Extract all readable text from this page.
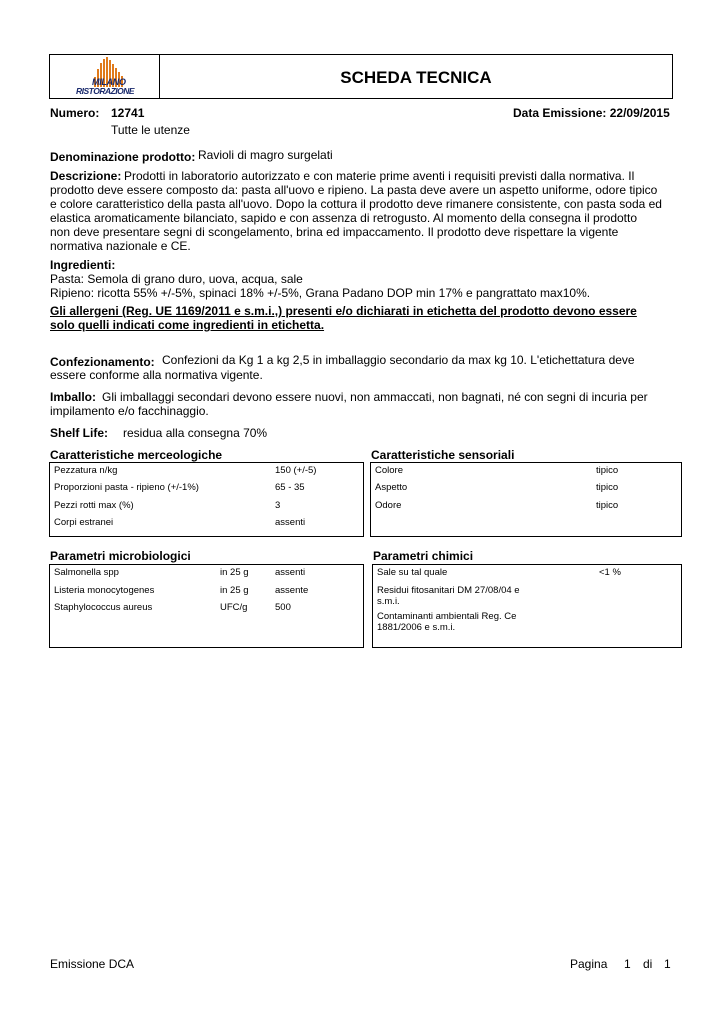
MILANO
RISTORAZIONE
SCHEDA TECNICA
Numero: 12741	Data Emissione: 22/09/2015
Tutte le utenze
Denominazione prodotto: Ravioli di magro surgelati
Descrizione: Prodotti in laboratorio autorizzato e con materie prime aventi i requisiti previsti dalla normativa. Il
prodotto deve essere composto da: pasta all'uovo e ripieno. La pasta deve avere un aspetto uniforme, odore tipico
e colore caratteristico della pasta all'uovo. Dopo la cottura il prodotto deve rimanere consistente, con pasta soda ed
elastica aromaticamente bilanciato, sapido e con assenza di retrogusto. Al momento della consegna il prodotto
non deve presentare segni di scongelamento, brina ed impaccamento. Il prodotto deve rispettare la vigente
normativa nazionale e CE.
Ingredienti:
Pasta: Semola di grano duro, uova, acqua, sale
Ripieno: ricotta 55% +/-5%, spinaci 18% +/-5%, Grana Padano DOP min 17% e pangrattato max10%.
Gli allergeni (Reg. UE 1169/2011 e s.m.i.,) presenti e/o dichiarati in etichetta del prodotto devono essere
solo quelli indicati come ingredienti in etichetta.
Confezionamento: Confezioni da Kg 1 a kg 2,5 in imballaggio secondario da max kg 10. L'etichettatura deve
essere conforme alla normativa vigente.
Imballo: Gli imballaggi secondari devono essere nuovi, non ammaccati, non bagnati, né con segni di incuria per
impilamento e/o facchinaggio.
Shelf Life: residua alla consegna 70%
Caratteristiche merceologiche
Pezzatura n/kg	150 (+/-5)
Proporzioni pasta - ripieno (+/-1%)	65 - 35
Pezzi rotti max (%)	3
Corpi estranei	assenti
Caratteristiche sensoriali
Colore	tipico
Aspetto	tipico
Odore	tipico
Parametri microbiologici
Salmonella spp	in 25 g	assenti
Listeria monocytogenes	in 25 g	assente
Staphylococcus aureus	UFC/g	500
Parametri chimici
Sale su tal quale	<1 %
Residui fitosanitari DM 27/08/04 e
s.m.i.
Contaminanti ambientali Reg. Ce
1881/2006 e s.m.i.
Emissione DCA	Pagina 1 di 1
